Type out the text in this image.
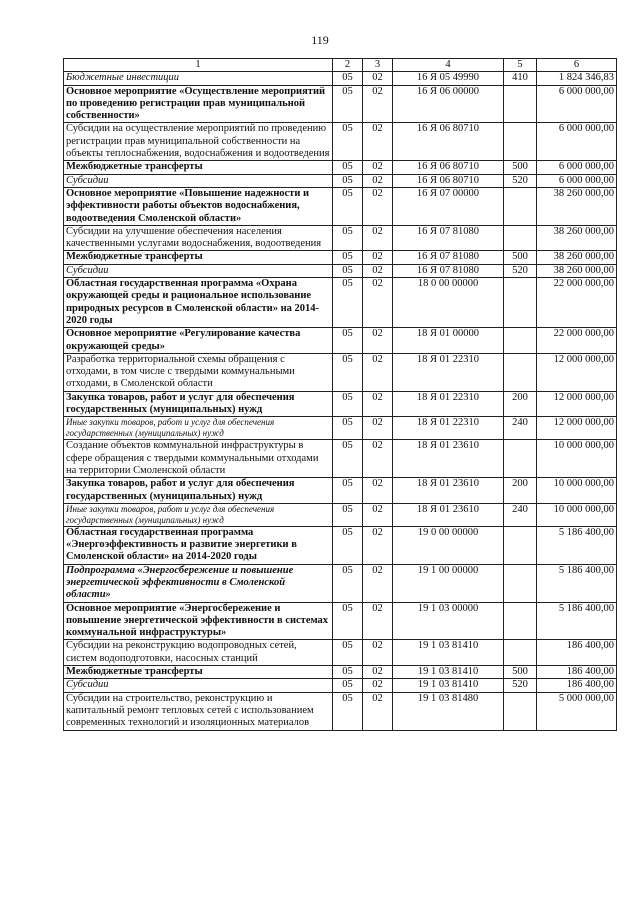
119
1	2	3	4	5	6
Бюджетные инвестиции	05	02	16 Я 05 49990	410	1 824 346,83
Основное мероприятие «Осуществление мероприятий по проведению регистрации прав муниципальной собственности»	05	02	16 Я 06 00000		6 000 000,00
Субсидии на осуществление мероприятий по проведению регистрации прав муниципальной собственности на объекты теплоснабжения, водоснабжения и водоотведения	05	02	16 Я 06 80710		6 000 000,00
Межбюджетные трансферты	05	02	16 Я 06 80710	500	6 000 000,00
Субсидии	05	02	16 Я 06 80710	520	6 000 000,00
Основное мероприятие «Повышение надежности и эффективности работы объектов водоснабжения, водоотведения Смоленской области»	05	02	16 Я 07 00000		38 260 000,00
Субсидии на улучшение обеспечения населения качественными услугами водоснабжения, водоотведения	05	02	16 Я 07 81080		38 260 000,00
Межбюджетные трансферты	05	02	16 Я 07 81080	500	38 260 000,00
Субсидии	05	02	16 Я 07 81080	520	38 260 000,00
Областная государственная программа «Охрана окружающей среды и рациональное использование природных ресурсов в Смоленской области» на 2014-2020 годы	05	02	18 0 00 00000		22 000 000,00
Основное мероприятие «Регулирование качества окружающей среды»	05	02	18 Я 01 00000		22 000 000,00
Разработка территориальной схемы обращения с отходами, в том числе с твердыми коммунальными отходами, в Смоленской области	05	02	18 Я 01 22310		12 000 000,00
Закупка товаров, работ и услуг для обеспечения государственных (муниципальных) нужд	05	02	18 Я 01 22310	200	12 000 000,00
Иные закупки товаров, работ и услуг для обеспечения государственных (муниципальных) нужд	05	02	18 Я 01 22310	240	12 000 000,00
Создание объектов коммунальной инфраструктуры в сфере обращения с твердыми коммунальными отходами на территории Смоленской области	05	02	18 Я 01 23610		10 000 000,00
Закупка товаров, работ и услуг для обеспечения государственных (муниципальных) нужд	05	02	18 Я 01 23610	200	10 000 000,00
Иные закупки товаров, работ и услуг для обеспечения государственных (муниципальных) нужд	05	02	18 Я 01 23610	240	10 000 000,00
Областная государственная программа «Энергоэффективность и развитие энергетики в Смоленской области» на 2014-2020 годы	05	02	19 0 00 00000		5 186 400,00
Подпрограмма «Энергосбережение и повышение энергетической эффективности в Смоленской области»	05	02	19 1 00 00000		5 186 400,00
Основное мероприятие «Энергосбережение и повышение энергетической эффективности в системах коммунальной инфраструктуры»	05	02	19 1 03 00000		5 186 400,00
Субсидии на реконструкцию водопроводных сетей, систем водоподготовки, насосных станций	05	02	19 1 03 81410		186 400,00
Межбюджетные трансферты	05	02	19 1 03 81410	500	186 400,00
Субсидии	05	02	19 1 03 81410	520	186 400,00
Субсидии на строительство, реконструкцию и капитальный ремонт тепловых сетей с использованием современных технологий и изоляционных материалов	05	02	19 1 03 81480		5 000 000,00
